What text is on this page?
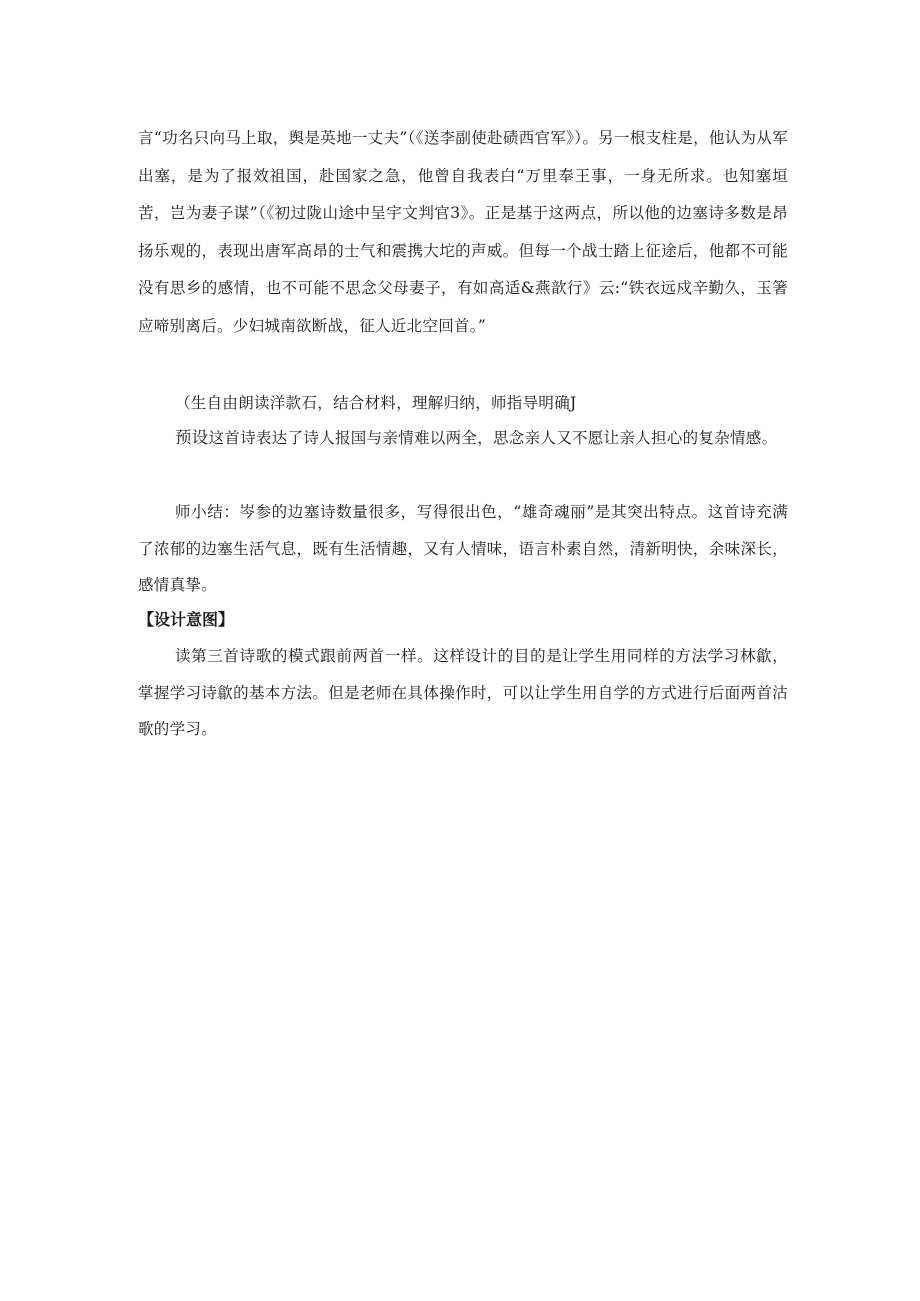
言“功名只向马上取，舆是英地一丈夫”（《送李副使赴碛西官军》）。另一根支柱是，他认为从军出塞，是为了报效祖国，赴国家之急，他曾自我表白“万里奉王事，一身无所求。也知塞垣苦，岂为妻子谋”（《初过陇山途中呈宇文判官3》。正是基于这两点，所以他的边塞诗多数是昂扬乐观的，表现出唐军高昂的士气和震携大坨的声威。但每一个战士踏上征途后，他都不可能没有思乡的感情，也不可能不思念父母妻子，有如高适&燕歆行》云:“铁衣远戍辛勤久，玉箸应啼别离后。少妇城南欲断战，征人近北空回首。”

（生自由朗读洋款石，结合材料，理解归纳，师指导明确J

预设这首诗表达了诗人报国与亲情难以两全，思念亲人又不愿让亲人担心的复杂情感。

师小结：岑参的边塞诗数量很多，写得很出色，“雄奇魂丽”是其突出特点。这首诗充满了浓郁的边塞生活气息，既有生活情趣，又有人情味，语言朴素自然，清新明快，余味深长，感情真挚。

【设计意图】

读第三首诗歌的模式跟前两首一样。这样设计的目的是让学生用同样的方法学习林歙，掌握学习诗歙的基本方法。但是老师在具体操作时，可以让学生用自学的方式进行后面两首沽歌的学习。
